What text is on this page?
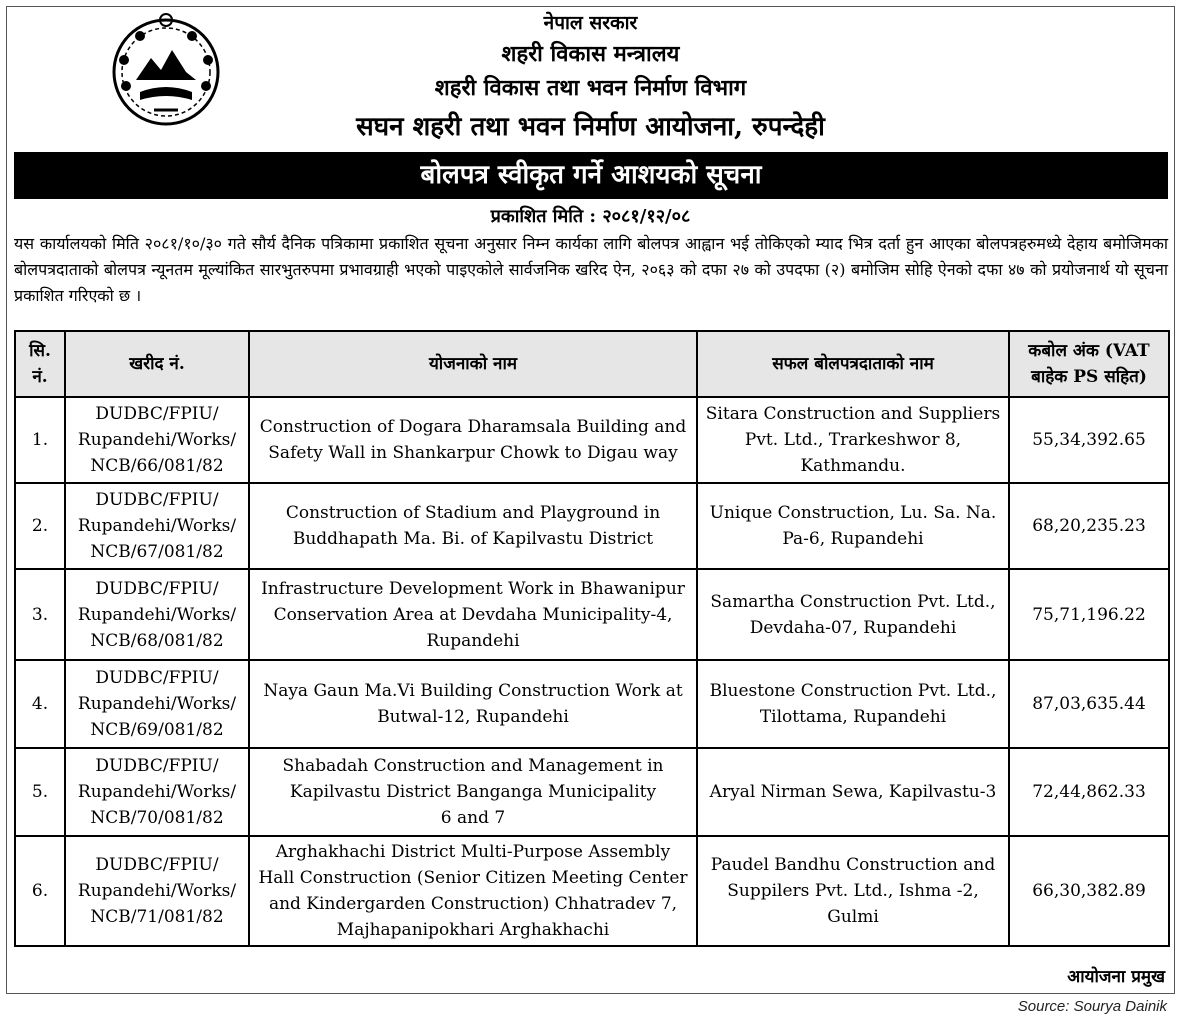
नेपाल सरकार
शहरी विकास मन्त्रालय
शहरी विकास तथा भवन निर्माण विभाग
सघन शहरी तथा भवन निर्माण आयोजना, रुपन्देही
बोलपत्र स्वीकृत गर्ने आशयको सूचना
प्रकाशित मिति : २०८१/१२/०८

यस कार्यालयको मिति २०८१/१०/३० गते सौर्य दैनिक पत्रिकामा प्रकाशित सूचना अनुसार निम्न कार्यका लागि बोलपत्र आह्वान भई तोकिएको म्याद भित्र दर्ता हुन आएका बोलपत्रहरुमध्ये देहाय बमोजिमका बोलपत्रदाताको बोलपत्र न्यूनतम मूल्यांकित सारभुतरुपमा प्रभावग्राही भएको पाइएकोले सार्वजनिक खरिद ऐन, २०६३ को दफा २७ को उपदफा (२) बमोजिम सोहि ऐनको दफा ४७ को प्रयोजनार्थ यो सूचना प्रकाशित गरिएको छ ।

सि.
नं.	खरीद नं.	योजनाको नाम	सफल बोलपत्रदाताको नाम	कबोल अंक (VAT
बाहेक PS सहित)
1.	DUDBC/FPIU/
Rupandehi/Works/
NCB/66/081/82	Construction of Dogara Dharamsala Building and
Safety Wall in Shankarpur Chowk to Digau way	Sitara Construction and Suppliers
Pvt. Ltd., Trarkeshwor 8,
Kathmandu.	55,34,392.65
2.	DUDBC/FPIU/
Rupandehi/Works/
NCB/67/081/82	Construction of Stadium and Playground in
Buddhapath Ma. Bi. of Kapilvastu District	Unique Construction, Lu. Sa. Na.
Pa-6, Rupandehi	68,20,235.23
3.	DUDBC/FPIU/
Rupandehi/Works/
NCB/68/081/82	Infrastructure Development Work in Bhawanipur
Conservation Area at Devdaha Municipality-4,
Rupandehi	Samartha Construction Pvt. Ltd.,
Devdaha-07, Rupandehi	75,71,196.22
4.	DUDBC/FPIU/
Rupandehi/Works/
NCB/69/081/82	Naya Gaun Ma.Vi Building Construction Work at
Butwal-12, Rupandehi	Bluestone Construction Pvt. Ltd.,
Tilottama, Rupandehi	87,03,635.44
5.	DUDBC/FPIU/
Rupandehi/Works/
NCB/70/081/82	Shabadah Construction and Management in
Kapilvastu District Banganga Municipality
6 and 7	Aryal Nirman Sewa, Kapilvastu-3	72,44,862.33
6.	DUDBC/FPIU/
Rupandehi/Works/
NCB/71/081/82	Arghakhachi District Multi-Purpose Assembly
Hall Construction (Senior Citizen Meeting Center
and Kindergarden Construction) Chhatradev 7,
Majhapanipokhari Arghakhachi	Paudel Bandhu Construction and
Suppilers Pvt. Ltd., Ishma -2, Gulmi	66,30,382.89
आयोजना प्रमुख
Source: Sourya Dainik
